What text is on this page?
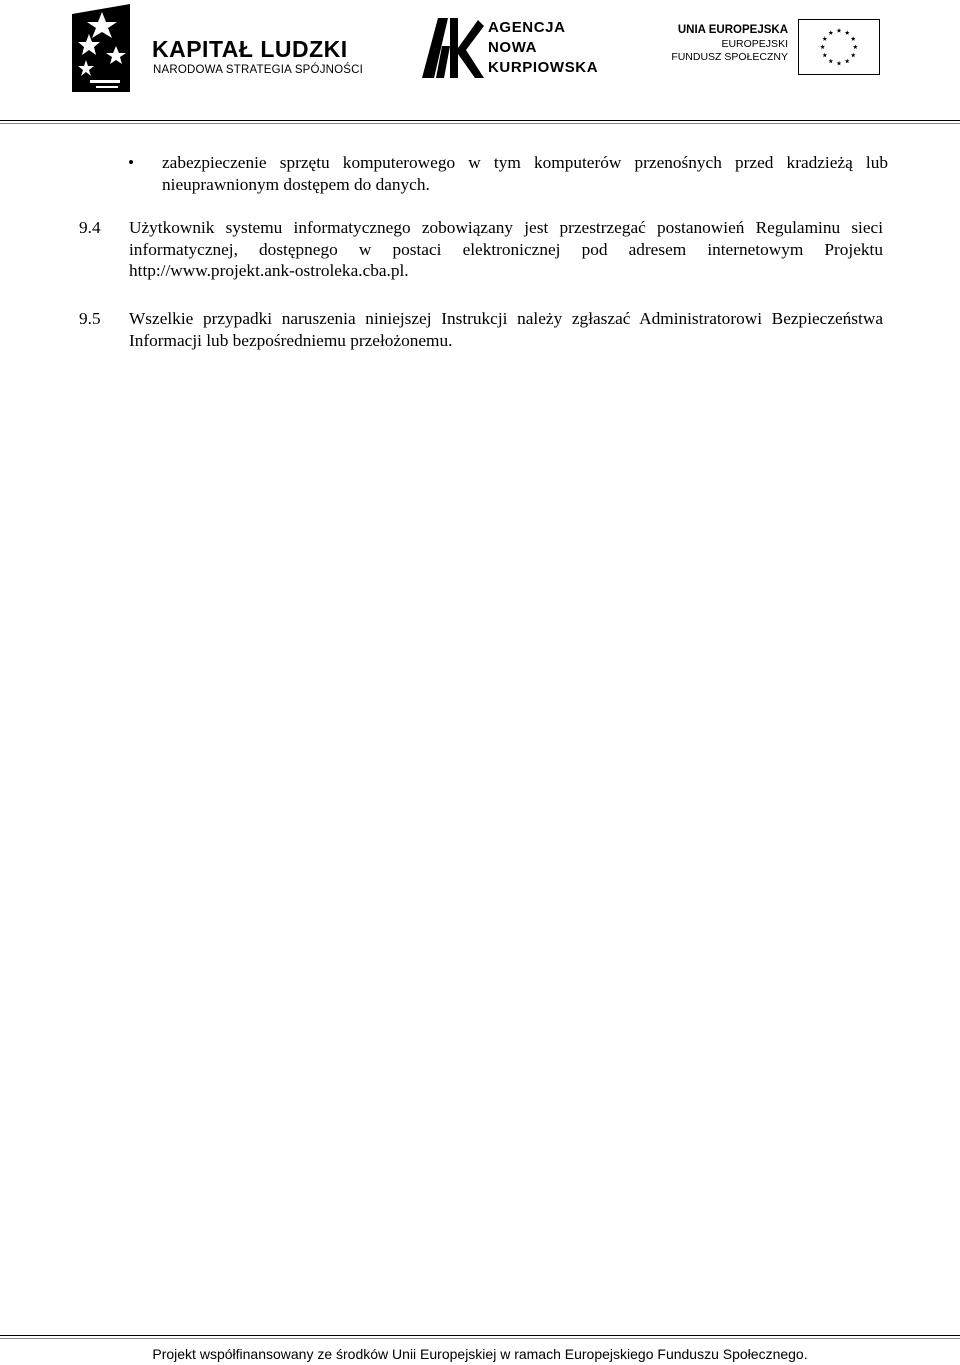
KAPITAŁ LUDZKI
NARODOWA STRATEGIA SPÓJNOŚCI
AGENCJA
NOWA
KURPIOWSKA
UNIA EUROPEJSKA
EUROPEJSKI
FUNDUSZ SPOŁECZNY
• zabezpieczenie sprzętu komputerowego w tym komputerów przenośnych przed kradzieżą lub nieuprawnionym dostępem do danych.
9.4 Użytkownik systemu informatycznego zobowiązany jest przestrzegać postanowień Regulaminu sieci informatycznej, dostępnego w postaci elektronicznej pod adresem internetowym Projektu http://www.projekt.ank-ostroleka.cba.pl.
9.5 Wszelkie przypadki naruszenia niniejszej Instrukcji należy zgłaszać Administratorowi Bezpieczeństwa Informacji lub bezpośredniemu przełożonemu.
Projekt współfinansowany ze środków Unii Europejskiej w ramach Europejskiego Funduszu Społecznego.
